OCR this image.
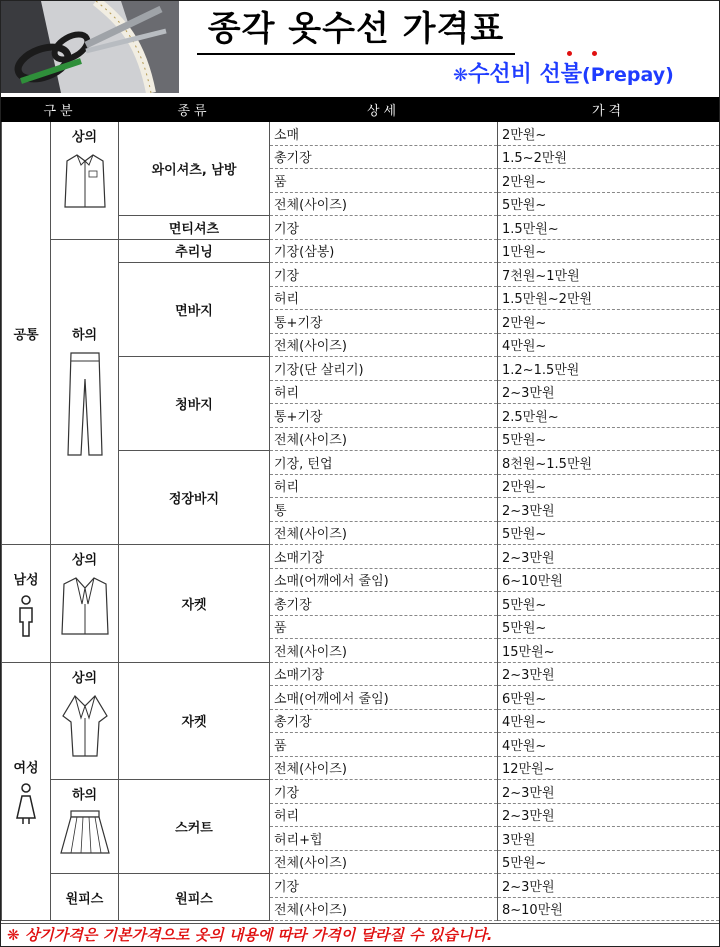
종각 옷수선 가격표
❋수선비 선불(Prepay)
구분		종류	상세	가격
공통	상의	와이셔츠, 남방	소매	2만원~
			총기장	1.5~2만원
			품	2만원~
			전체(사이즈)	5만원~
		면티셔츠	기장	1.5만원~

	하의	추리닝	기장(삼봉)	1만원~
		면바지	기장	7천원~1만원
			허리	1.5만원~2만원
			통+기장	2만원~
			전체(사이즈)	4만원~
		청바지	기장(단 살리기)	1.2~1.5만원
			허리	2~3만원
			통+기장	2.5만원~
			전체(사이즈)	5만원~
		정장바지	기장, 턴업	8천원~1.5만원
			허리	2만원~
			통	2~3만원
			전체(사이즈)	5만원~

남성	상의	자켓	소매기장	2~3만원
			소매(어깨에서 줄임)	6~10만원
			총기장	5만원~
			품	5만원~
			전체(사이즈)	15만원~

여성	상의	자켓	소매기장	2~3만원
			소매(어깨에서 줄임)	6만원~
			총기장	4만원~
			품	4만원~
			전체(사이즈)	12만원~

	하의	스커트	기장	2~3만원
			허리	2~3만원
			허리+힙	3만원
			전체(사이즈)	5만원~
	원피스	원피스	기장	2~3만원
			전체(사이즈)	8~10만원
❋ 상기가격은 기본가격으로 옷의 내용에 따라 가격이 달라질 수 있습니다.
